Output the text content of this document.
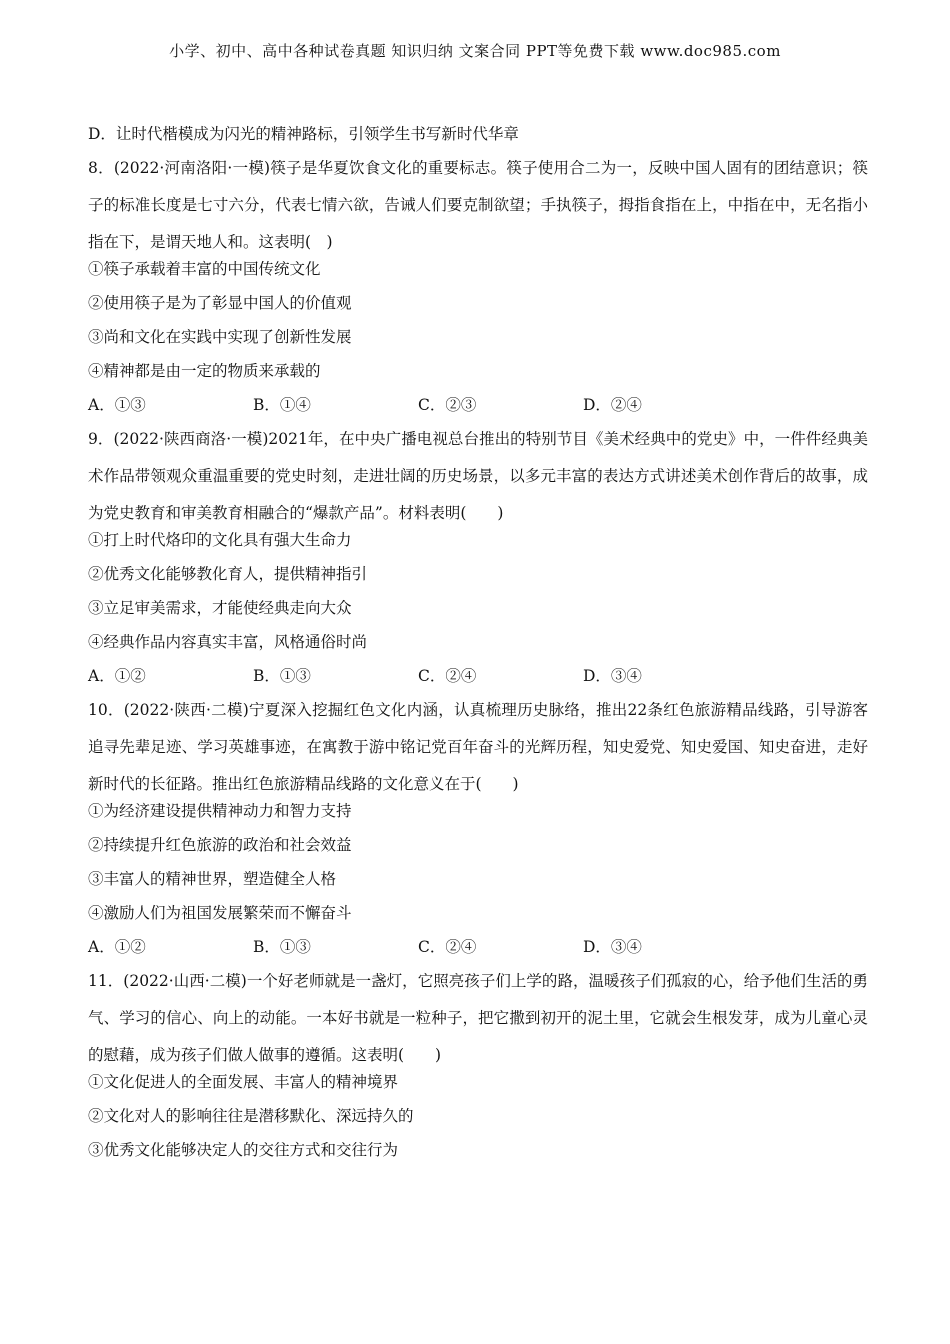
小学、初中、高中各种试卷真题 知识归纳 文案合同 PPT等免费下载 www.doc985.com
D．让时代楷模成为闪光的精神路标，引领学生书写新时代华章
8．(2022·河南洛阳·一模)筷子是华夏饮食文化的重要标志。筷子使用合二为一，反映中国人固有的团结意识；筷子的标准长度是七寸六分，代表七情六欲，告诫人们要克制欲望；手执筷子，拇指食指在上，中指在中，无名指小指在下，是谓天地人和。这表明(　)
①筷子承载着丰富的中国传统文化
②使用筷子是为了彰显中国人的价值观
③尚和文化在实践中实现了创新性发展
④精神都是由一定的物质来承载的
A．①③	B．①④	C．②③	D．②④
9．(2022·陕西商洛·一模)2021年，在中央广播电视总台推出的特别节目《美术经典中的党史》中，一件件经典美术作品带领观众重温重要的党史时刻，走进壮阔的历史场景，以多元丰富的表达方式讲述美术创作背后的故事，成为党史教育和审美教育相融合的“爆款产品”。材料表明(　　)
①打上时代烙印的文化具有强大生命力
②优秀文化能够教化育人，提供精神指引
③立足审美需求，才能使经典走向大众
④经典作品内容真实丰富，风格通俗时尚
A．①②	B．①③	C．②④	D．③④
10．(2022·陕西·二模)宁夏深入挖掘红色文化内涵，认真梳理历史脉络，推出22条红色旅游精品线路，引导游客追寻先辈足迹、学习英雄事迹，在寓教于游中铭记党百年奋斗的光辉历程，知史爱党、知史爱国、知史奋进，走好新时代的长征路。推出红色旅游精品线路的文化意义在于(　　)
①为经济建设提供精神动力和智力支持
②持续提升红色旅游的政治和社会效益
③丰富人的精神世界，塑造健全人格
④激励人们为祖国发展繁荣而不懈奋斗
A．①②	B．①③	C．②④	D．③④
11．(2022·山西·二模)一个好老师就是一盏灯，它照亮孩子们上学的路，温暖孩子们孤寂的心，给予他们生活的勇气、学习的信心、向上的动能。一本好书就是一粒种子，把它撒到初开的泥土里，它就会生根发芽，成为儿童心灵的慰藉，成为孩子们做人做事的遵循。这表明(　　)
①文化促进人的全面发展、丰富人的精神境界
②文化对人的影响往往是潜移默化、深远持久的
③优秀文化能够决定人的交往方式和交往行为
